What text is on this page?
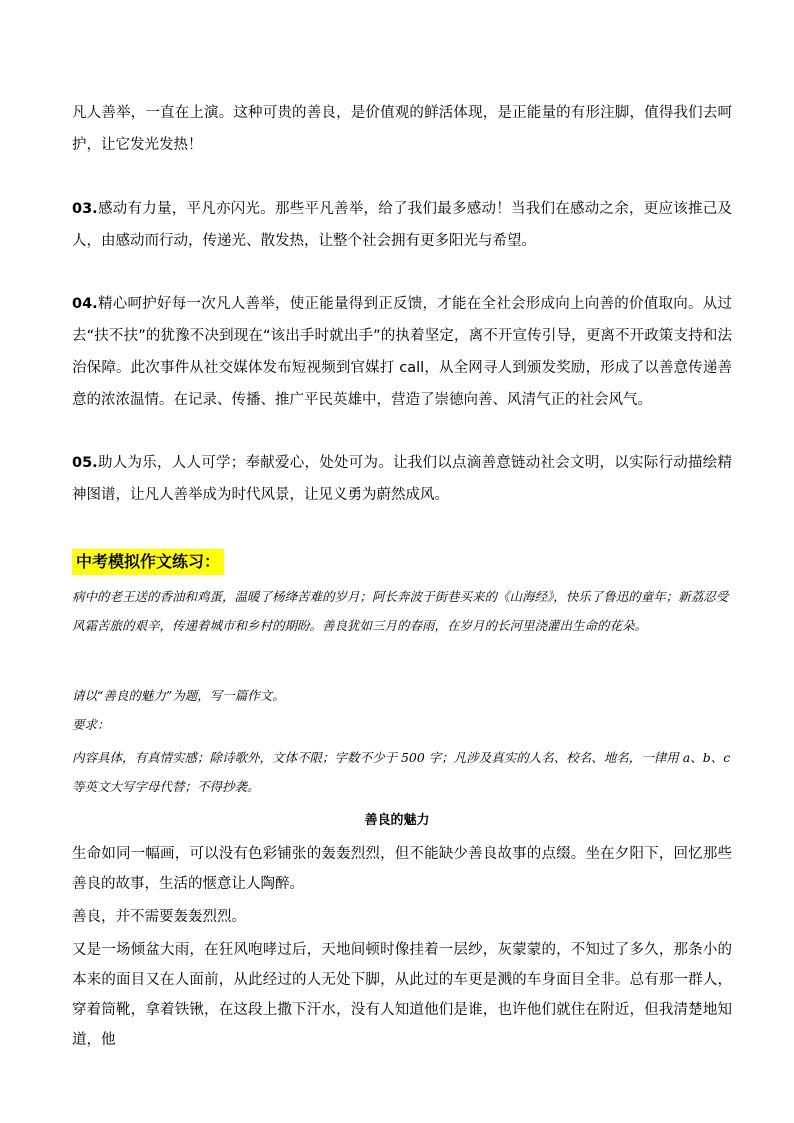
凡人善举，一直在上演。这种可贵的善良，是价值观的鲜活体现，是正能量的有形注脚，值得我们去呵护，让它发光发热！

03.感动有力量，平凡亦闪光。那些平凡善举，给了我们最多感动！当我们在感动之余，更应该推己及人，由感动而行动，传递光、散发热，让整个社会拥有更多阳光与希望。

04.精心呵护好每一次凡人善举，使正能量得到正反馈，才能在全社会形成向上向善的价值取向。从过去“扶不扶”的犹豫不决到现在“该出手时就出手”的执着坚定，离不开宣传引导，更离不开政策支持和法治保障。此次事件从社交媒体发布短视频到官媒打 call，从全网寻人到颁发奖励，形成了以善意传递善意的浓浓温情。在记录、传播、推广平民英雄中，营造了崇德向善、风清气正的社会风气。

05.助人为乐，人人可学；奉献爱心，处处可为。让我们以点滴善意链动社会文明，以实际行动描绘精神图谱，让凡人善举成为时代风景，让见义勇为蔚然成风。

中考模拟作文练习：

病中的老王送的香油和鸡蛋，温暖了杨绛苦难的岁月；阿长奔波于街巷买来的《山海经》，快乐了鲁迅的童年；新荔忍受风霜苦旅的艰辛，传递着城市和乡村的期盼。善良犹如三月的春雨，在岁月的长河里浇灌出生命的花朵。

请以“善良的魅力”为题，写一篇作文。

要求：

内容具体，有真情实感；除诗歌外，文体不限；字数不少于 500 字；凡涉及真实的人名、校名、地名，一律用 a、b、c 等英文大写字母代替；不得抄袭。

善良的魅力

生命如同一幅画，可以没有色彩铺张的轰轰烈烈，但不能缺少善良故事的点缀。坐在夕阳下，回忆那些善良的故事，生活的惬意让人陶醉。

善良，并不需要轰轰烈烈。

又是一场倾盆大雨，在狂风咆哮过后，天地间顿时像挂着一层纱，灰蒙蒙的，不知过了多久，那条小的本来的面目又在人面前，从此经过的人无处下脚，从此过的车更是溅的车身面目全非。总有那一群人，穿着筒靴，拿着铁锹，在这段上撒下汗水，没有人知道他们是谁，也许他们就住在附近，但我清楚地知道，他
